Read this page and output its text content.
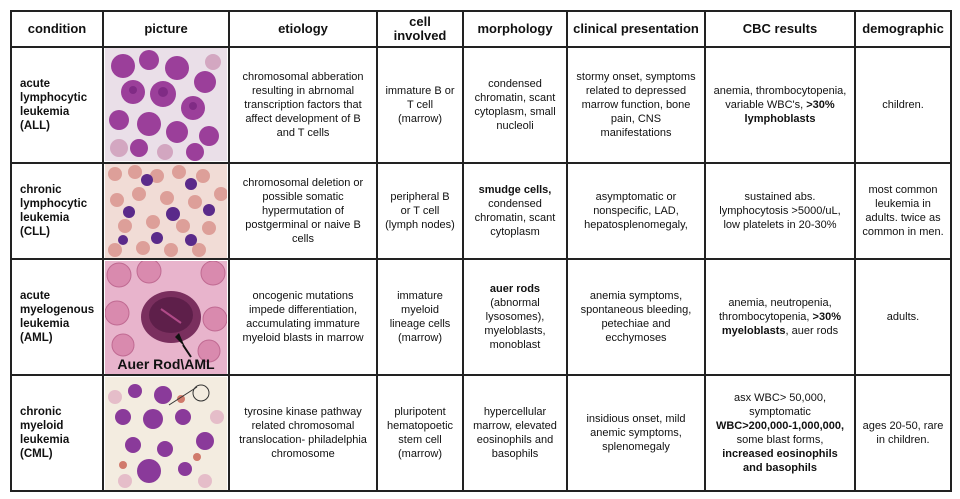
condition	picture	etiology	cell involved	morphology	clinical presentation	CBC results	demographic
acute lymphocytic leukemia (ALL)		chromosomal abberation resulting in abrnomal transcription factors that affect development of B and T cells	immature B or T cell (marrow)	condensed chromatin, scant cytoplasm, small nucleoli	stormy onset, symptoms related to depressed marrow function, bone pain, CNS manifestations	anemia, thrombocytopenia, variable WBC's, >30% lymphoblasts	children.
chronic lymphocytic leukemia (CLL)		chromosomal deletion or possible somatic hypermutation of postgerminal or naive B cells	peripheral B or T cell (lymph nodes)	smudge cells, condensed chromatin, scant cytoplasm	asymptomatic or nonspecific, LAD, hepatosplenomegaly,	sustained abs. lymphocytosis >5000/uL, low platelets in 20-30%	most common leukemia in adults. twice as common in men.
acute myelogenous leukemia (AML)	Auer Rod\AML	oncogenic mutations impede differentiation, accumulating immature myeloid blasts in marrow	immature myeloid lineage cells (marrow)	auer rods (abnormal lysosomes), myeloblasts, monoblast	anemia symptoms, spontaneous bleeding, petechiae and ecchymoses	anemia, neutropenia, thrombocytopenia, >30% myeloblasts, auer rods	adults.
chronic myeloid leukemia (CML)		tyrosine kinase pathway related chromosomal translocation- philadelphia chromosome	pluripotent hematopoetic stem cell (marrow)	hypercellular marrow, elevated eosinophils and basophils	insidious onset, mild anemic symptoms, splenomegaly	asx WBC> 50,000, symptomatic WBC>200,000-1,000,000, some blast forms, increased eosinophils and basophils	ages 20-50, rare in children.
